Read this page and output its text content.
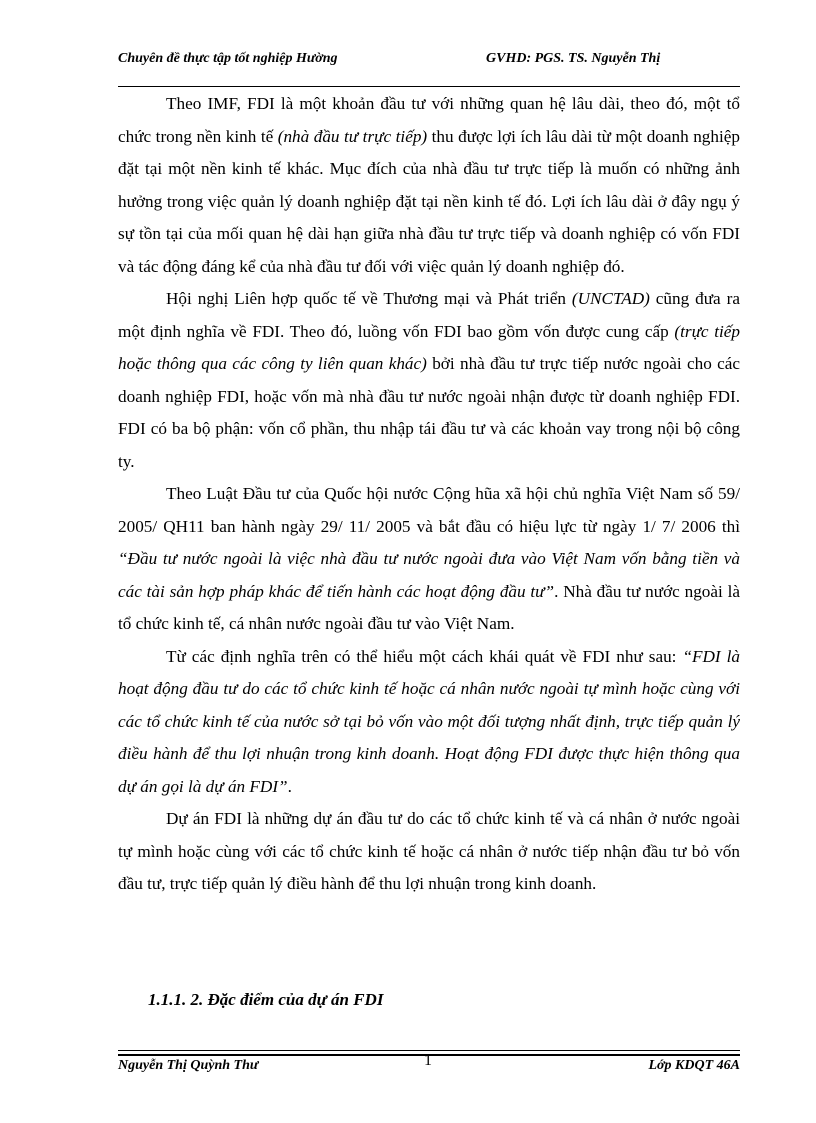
Chuyên đề thực tập tốt nghiệp Hường	GVHD: PGS. TS. Nguyễn Thị

Theo IMF, FDI là một khoản đầu tư với những quan hệ lâu dài, theo đó, một tổ chức trong nền kinh tế (nhà đầu tư trực tiếp) thu được lợi ích lâu dài từ một doanh nghiệp đặt tại một nền kinh tế khác. Mục đích của nhà đầu tư trực tiếp là muốn có những ảnh hưởng trong việc quản lý doanh nghiệp đặt tại nền kinh tế đó. Lợi ích lâu dài ở đây ngụ ý sự tồn tại của mối quan hệ dài hạn giữa nhà đầu tư trực tiếp và doanh nghiệp có vốn FDI và tác động đáng kể của nhà đầu tư đối với việc quản lý doanh nghiệp đó.

Hội nghị Liên hợp quốc tế về Thương mại và Phát triển (UNCTAD) cũng đưa ra một định nghĩa về FDI. Theo đó, luồng vốn FDI bao gồm vốn được cung cấp (trực tiếp hoặc thông qua các công ty liên quan khác) bởi nhà đầu tư trực tiếp nước ngoài cho các doanh nghiệp FDI, hoặc vốn mà nhà đầu tư nước ngoài nhận được từ doanh nghiệp FDI. FDI có ba bộ phận: vốn cổ phần, thu nhập tái đầu tư và các khoản vay trong nội bộ công ty.

Theo Luật Đầu tư của Quốc hội nước Cộng hũa xã hội chủ nghĩa Việt Nam số 59/ 2005/ QH11 ban hành ngày 29/ 11/ 2005 và bắt đầu có hiệu lực từ ngày 1/ 7/ 2006 thì “Đầu tư nước ngoài là việc nhà đầu tư nước ngoài đưa vào Việt Nam vốn bằng tiền và các tài sản hợp pháp khác để tiến hành các hoạt động đầu tư”. Nhà đầu tư nước ngoài là tổ chức kinh tế, cá nhân nước ngoài đầu tư vào Việt Nam.

Từ các định nghĩa trên có thể hiểu một cách khái quát về FDI như sau: “FDI là hoạt động đầu tư do các tổ chức kinh tế hoặc cá nhân nước ngoài tự mình hoặc cùng với các tổ chức kinh tế của nước sở tại bỏ vốn vào một đối tượng nhất định, trực tiếp quản lý điều hành để thu lợi nhuận trong kinh doanh. Hoạt động FDI được thực hiện thông qua dự án gọi là dự án FDI”.

Dự án FDI là những dự án đầu tư do các tổ chức kinh tế và cá nhân ở nước ngoài tự mình hoặc cùng với các tổ chức kinh tế hoặc cá nhân ở nước tiếp nhận đầu tư bỏ vốn đầu tư, trực tiếp quản lý điều hành để thu lợi nhuận trong kinh doanh.

1.1.1. 2. Đặc điểm của dự án FDI
Nguyễn Thị Quỳnh Thư	1	Lớp KDQT 46A
